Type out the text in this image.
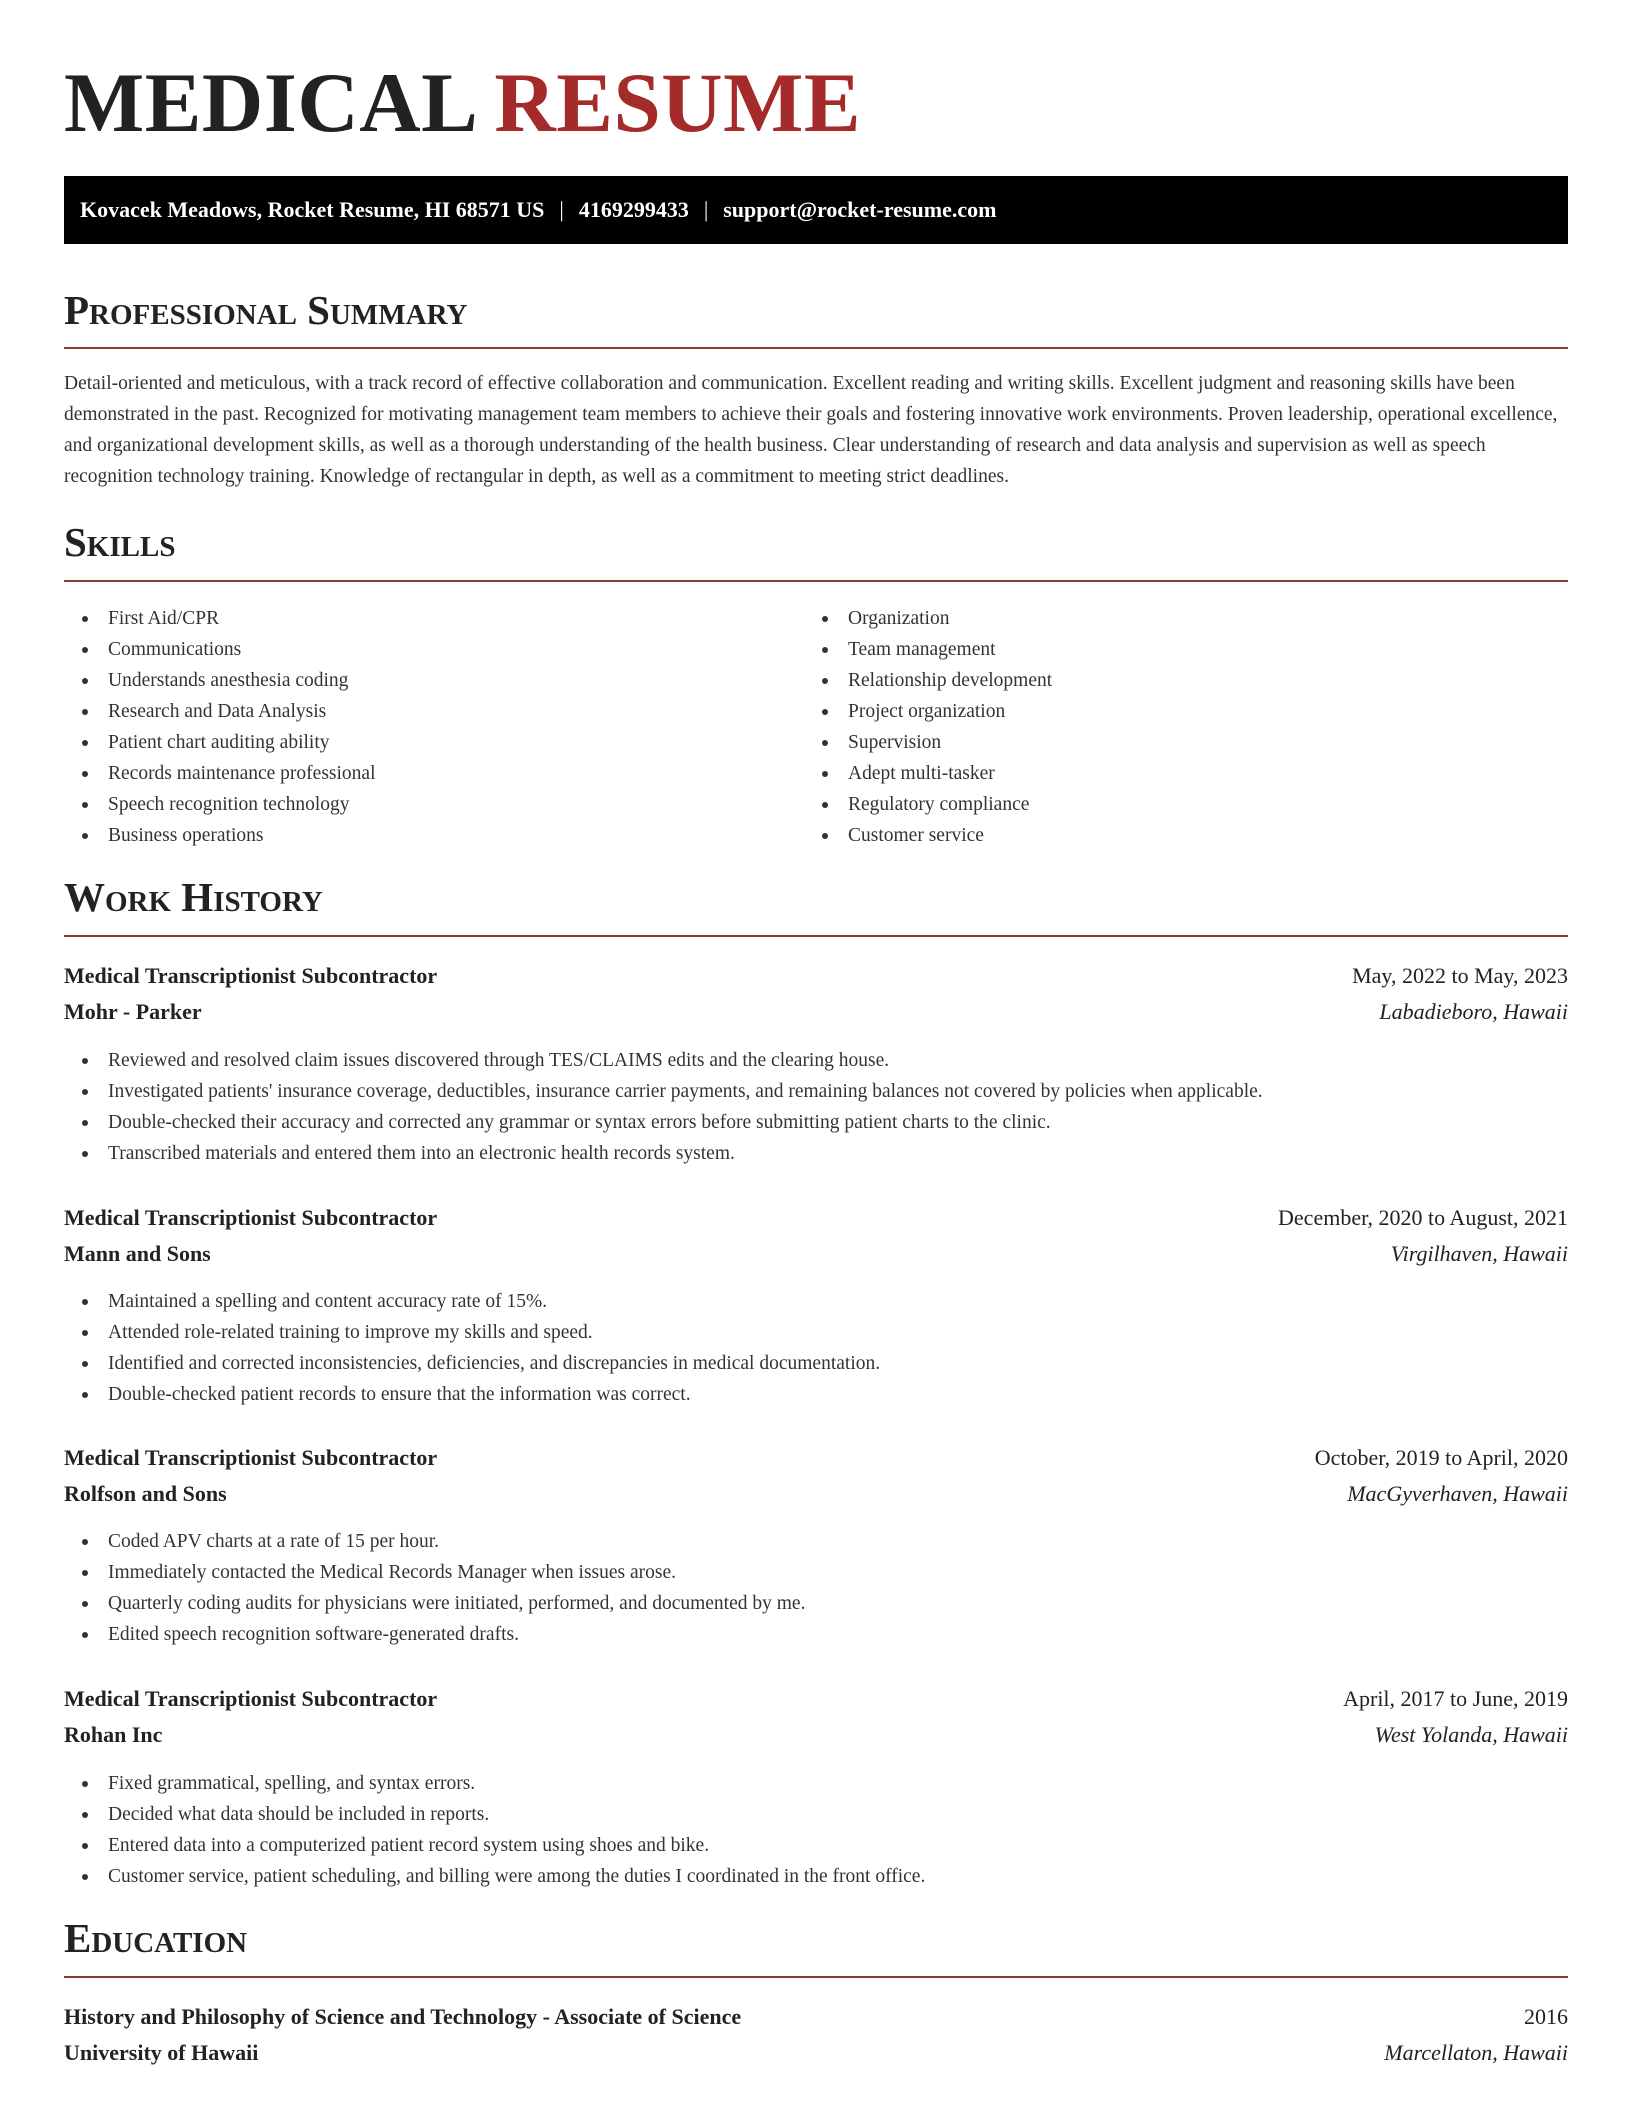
MEDICAL RESUME
Kovacek Meadows, Rocket Resume, HI 68571 US | 4169299433 | support@rocket-resume.com
Professional Summary
Detail-oriented and meticulous, with a track record of effective collaboration and communication. Excellent reading and writing skills. Excellent judgment and reasoning skills have been demonstrated in the past. Recognized for motivating management team members to achieve their goals and fostering innovative work environments. Proven leadership, operational excellence, and organizational development skills, as well as a thorough understanding of the health business. Clear understanding of research and data analysis and supervision as well as speech recognition technology training. Knowledge of rectangular in depth, as well as a commitment to meeting strict deadlines.
Skills
First Aid/CPR
Communications
Understands anesthesia coding
Research and Data Analysis
Patient chart auditing ability
Records maintenance professional
Speech recognition technology
Business operations
Organization
Team management
Relationship development
Project organization
Supervision
Adept multi-tasker
Regulatory compliance
Customer service
Work History
Medical Transcriptionist Subcontractor	May, 2022 to May, 2023
Mohr - Parker	Labadieboro, Hawaii
Reviewed and resolved claim issues discovered through TES/CLAIMS edits and the clearing house.
Investigated patients' insurance coverage, deductibles, insurance carrier payments, and remaining balances not covered by policies when applicable.
Double-checked their accuracy and corrected any grammar or syntax errors before submitting patient charts to the clinic.
Transcribed materials and entered them into an electronic health records system.
Medical Transcriptionist Subcontractor	December, 2020 to August, 2021
Mann and Sons	Virgilhaven, Hawaii
Maintained a spelling and content accuracy rate of 15%.
Attended role-related training to improve my skills and speed.
Identified and corrected inconsistencies, deficiencies, and discrepancies in medical documentation.
Double-checked patient records to ensure that the information was correct.
Medical Transcriptionist Subcontractor	October, 2019 to April, 2020
Rolfson and Sons	MacGyverhaven, Hawaii
Coded APV charts at a rate of 15 per hour.
Immediately contacted the Medical Records Manager when issues arose.
Quarterly coding audits for physicians were initiated, performed, and documented by me.
Edited speech recognition software-generated drafts.
Medical Transcriptionist Subcontractor	April, 2017 to June, 2019
Rohan Inc	West Yolanda, Hawaii
Fixed grammatical, spelling, and syntax errors.
Decided what data should be included in reports.
Entered data into a computerized patient record system using shoes and bike.
Customer service, patient scheduling, and billing were among the duties I coordinated in the front office.
Education
History and Philosophy of Science and Technology - Associate of Science	2016
University of Hawaii	Marcellaton, Hawaii
